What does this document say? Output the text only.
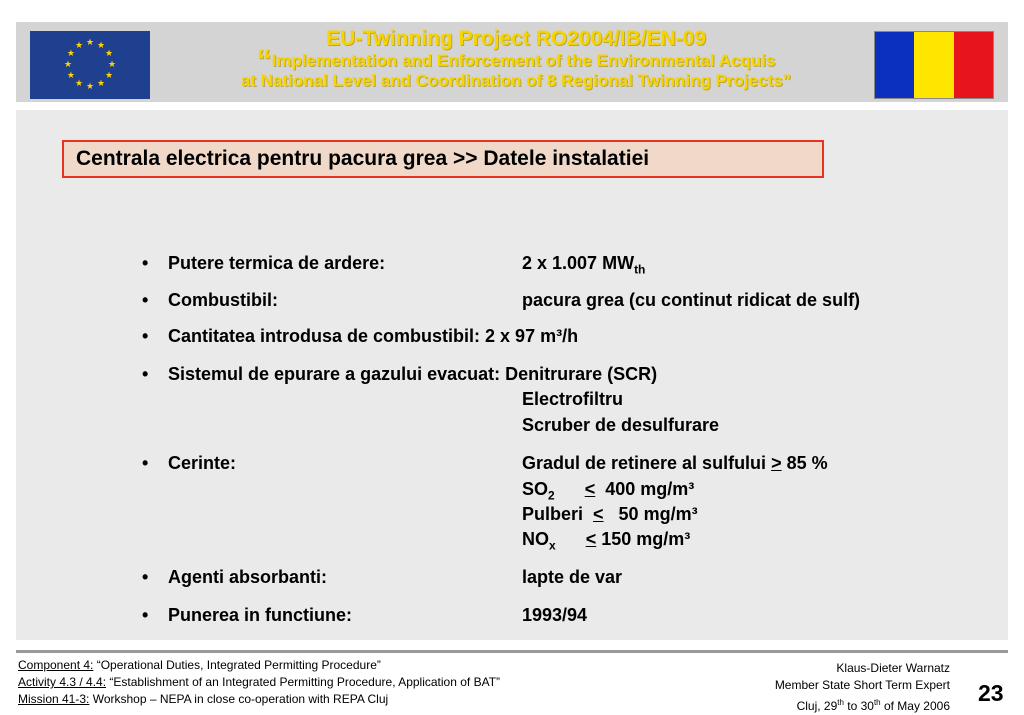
★ ★
★
★
★
★
★
★
★
★
★
★	EU-Twinning Project RO2004/IB/EN-09
“Implementation and Enforcement of the Environmental Acquis
at National Level and Coordination of 8 Regional Twinning Projects”
Centrala electrica pentru pacura grea >> Datele instalatiei
• Putere termica de ardere:	2 x 1.007 $MW_{th}$
• Combustibil:	pacura grea (cu continut ridicat de sulf)
• Cantitatea introdusa de combustibil: 2 x 97 m³/h
• Sistemul de epurare a gazului evacuat: Denitrurare (SCR)
Electrofiltru
Scruber de desulfurare
• Cerinte:	Gradul de retinere al sulfului > 85 %
$SO_2 < 400$ mg/m³
Pulberi <   50 mg/m³
$NO_x < 150$ mg/m³
• Agenti absorbanti:	lapte de var
• Punerea in functiune:	1993/94
Component 4: “Operational Duties, Integrated Permitting Procedure”
Activity 4.3 / 4.4: “Establishment of an Integrated Permitting Procedure, Application of BAT”
Mission 41-3: Workshop – NEPA in close co-operation with REPA Cluj
Klaus-Dieter Warnatz
Member State Short Term Expert
Cluj, 29th to 30th of May 2006 23
